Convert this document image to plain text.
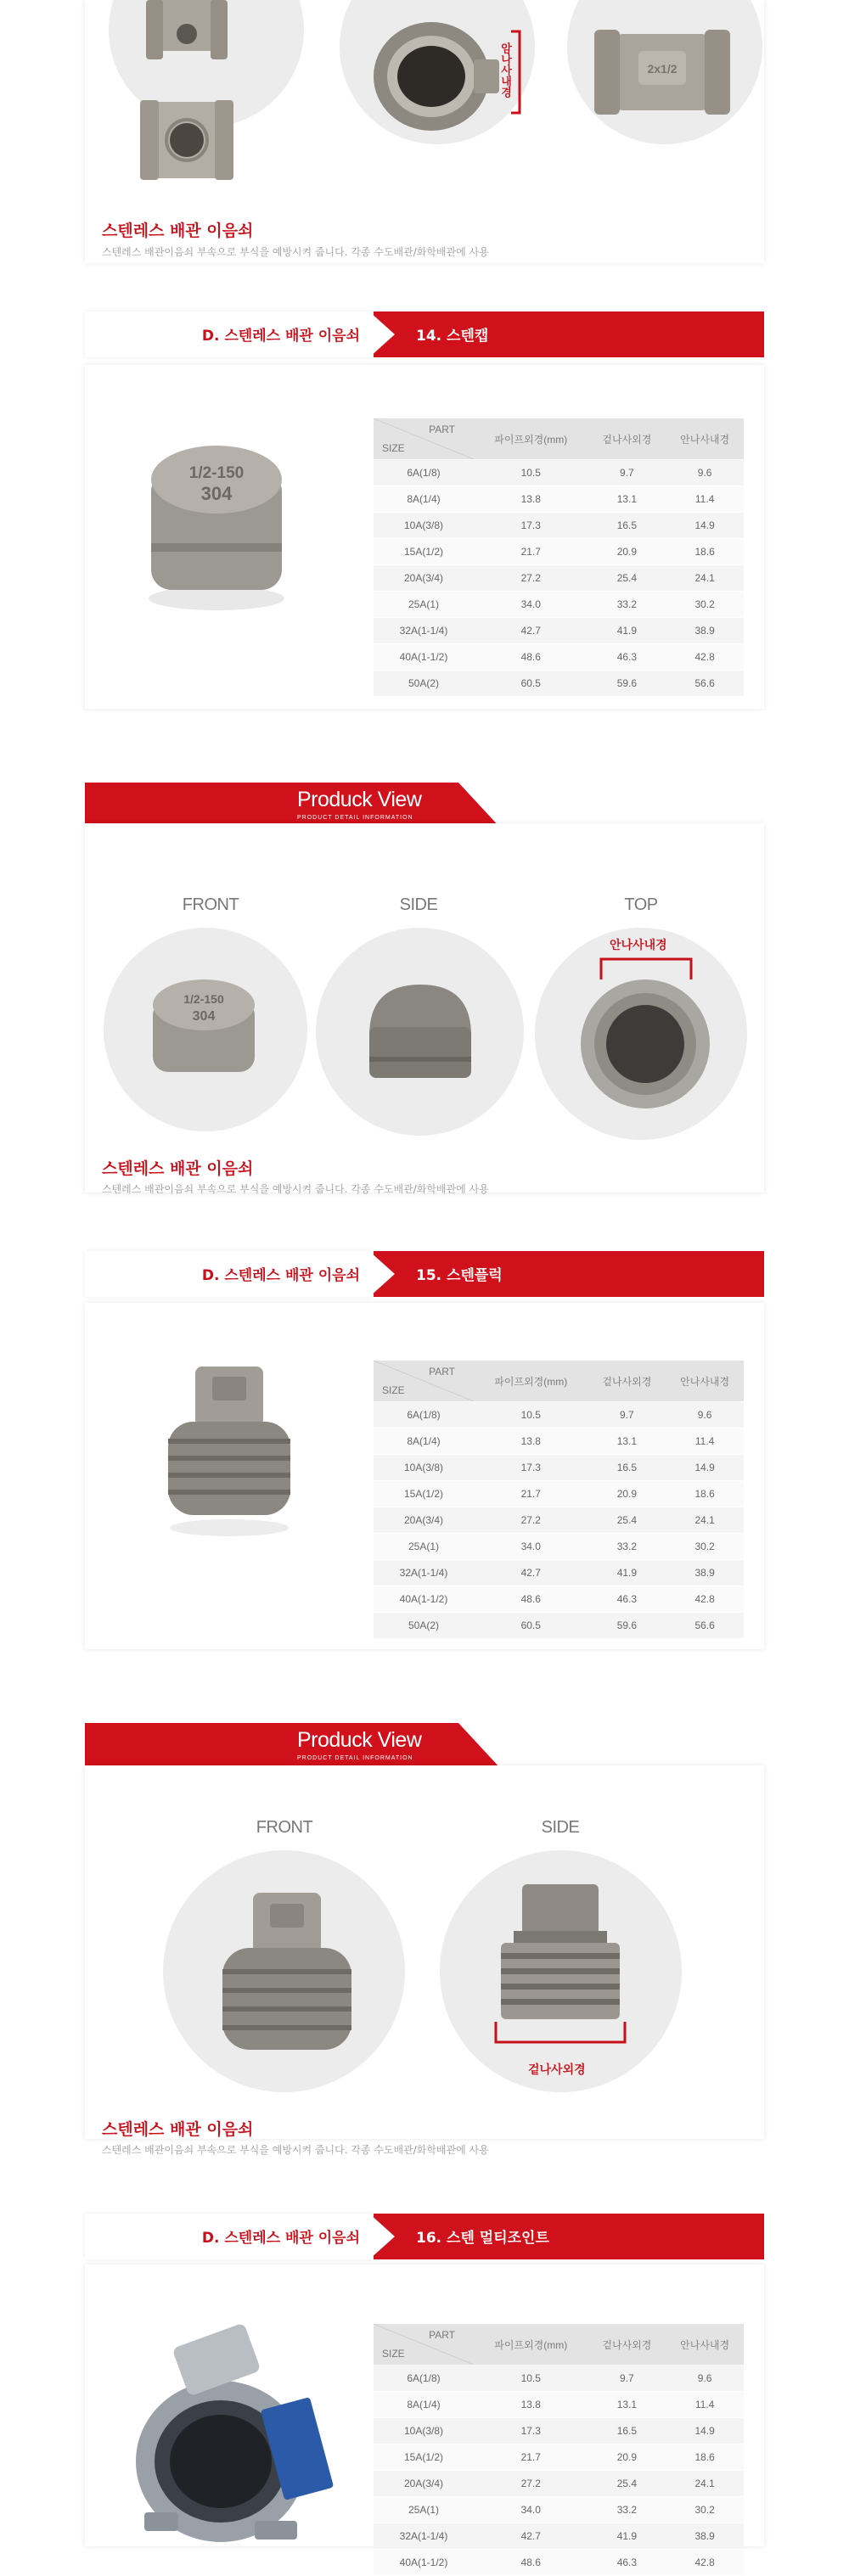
암나사내경	2x1/2
스텐레스 배관 이음쇠
스텐레스 배관이음쇠 부속으로 부식을 예방시켜 줍니다. 각종 수도배관/화학배관에 사용
D. 스텐레스 배관 이음쇠	14. 스텐캡
1/2-150
304
PART
SIZE	파이프외경(mm)	겉나사외경	안나사내경
6A(1/8)	10.5	9.7	9.6
8A(1/4)	13.8	13.1	11.4
10A(3/8)	17.3	16.5	14.9
15A(1/2)	21.7	20.9	18.6
20A(3/4)	27.2	25.4	24.1
25A(1)	34.0	33.2	30.2
32A(1-1/4)	42.7	41.9	38.9
40A(1-1/2)	48.6	46.3	42.8
50A(2)	60.5	59.6	56.6
Produck View
PRODUCT DETAIL INFORMATION
FRONT	SIDE	TOP
1/2-150
304
안나사내경
스텐레스 배관 이음쇠
스텐레스 배관이음쇠 부속으로 부식을 예방시켜 줍니다. 각종 수도배관/화학배관에 사용
D. 스텐레스 배관 이음쇠	15. 스텐플럭
PART
SIZE	파이프외경(mm)	겉나사외경	안나사내경
6A(1/8)	10.5	9.7	9.6
8A(1/4)	13.8	13.1	11.4
10A(3/8)	17.3	16.5	14.9
15A(1/2)	21.7	20.9	18.6
20A(3/4)	27.2	25.4	24.1
25A(1)	34.0	33.2	30.2
32A(1-1/4)	42.7	41.9	38.9
40A(1-1/2)	48.6	46.3	42.8
50A(2)	60.5	59.6	56.6
Produck View
PRODUCT DETAIL INFORMATION
FRONT	SIDE
겉나사외경
스텐레스 배관 이음쇠
스텐레스 배관이음쇠 부속으로 부식을 예방시켜 줍니다. 각종 수도배관/화학배관에 사용
D. 스텐레스 배관 이음쇠	16. 스텐 멀티조인트
PART
SIZE	파이프외경(mm)	겉나사외경	안나사내경
6A(1/8)	10.5	9.7	9.6
8A(1/4)	13.8	13.1	11.4
10A(3/8)	17.3	16.5	14.9
15A(1/2)	21.7	20.9	18.6
20A(3/4)	27.2	25.4	24.1
25A(1)	34.0	33.2	30.2
32A(1-1/4)	42.7	41.9	38.9
40A(1-1/2)	48.6	46.3	42.8
